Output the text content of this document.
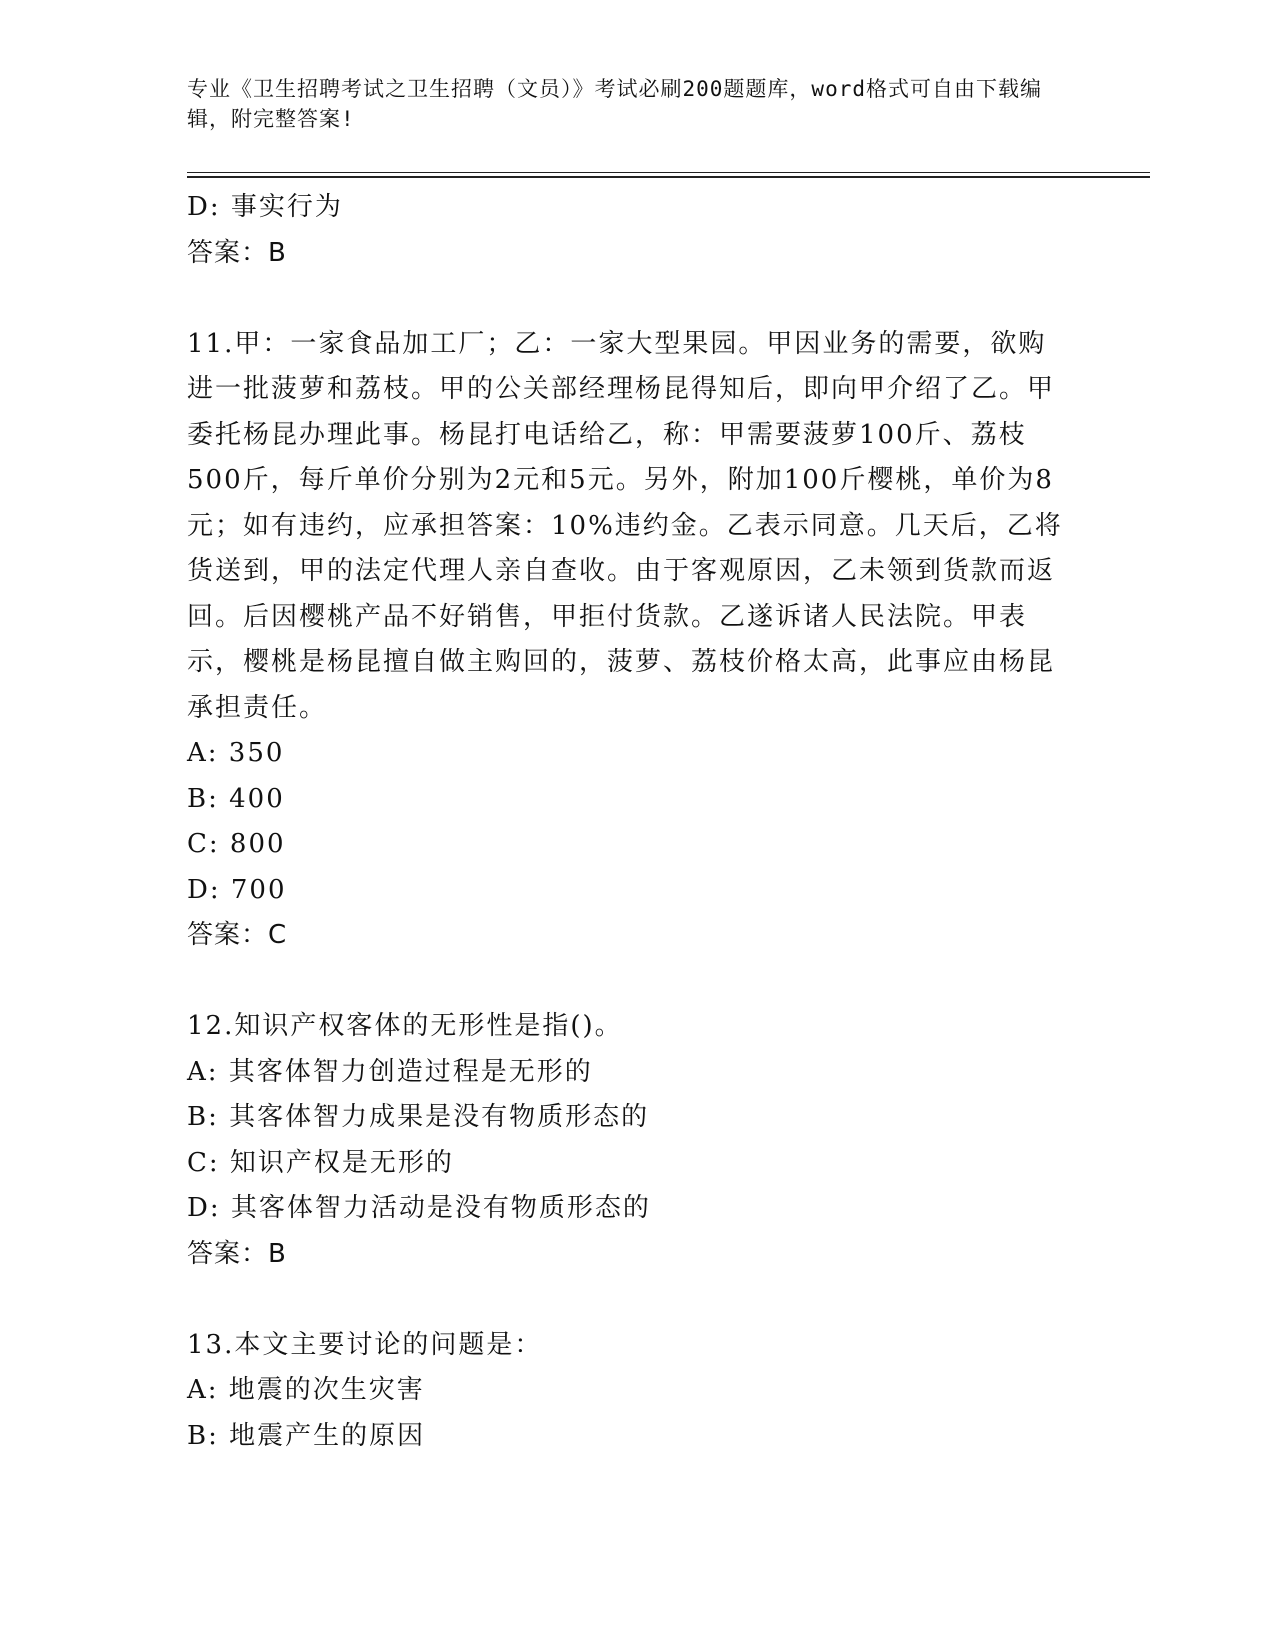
专业《卫生招聘考试之卫生招聘（文员）》考试必刷200题题库，word格式可自由下载编辑，附完整答案!

D: 事实行为
答案：B

11.甲：一家食品加工厂；乙：一家大型果园。甲因业务的需要，欲购进一批菠萝和荔枝。甲的公关部经理杨昆得知后，即向甲介绍了乙。甲委托杨昆办理此事。杨昆打电话给乙，称：甲需要菠萝100斤、荔枝500斤，每斤单价分别为2元和5元。另外，附加100斤樱桃，单价为8元；如有违约，应承担答案：10%违约金。乙表示同意。几天后，乙将货送到，甲的法定代理人亲自查收。由于客观原因，乙未领到货款而返回。后因樱桃产品不好销售，甲拒付货款。乙遂诉诸人民法院。甲表示，樱桃是杨昆擅自做主购回的，菠萝、荔枝价格太高，此事应由杨昆承担责任。

A: 350
B: 400
C: 800
D: 700
答案：C
12.知识产权客体的无形性是指()。
A: 其客体智力创造过程是无形的
B: 其客体智力成果是没有物质形态的
C: 知识产权是无形的
D: 其客体智力活动是没有物质形态的
答案：B
13.本文主要讨论的问题是：
A: 地震的次生灾害
B: 地震产生的原因
